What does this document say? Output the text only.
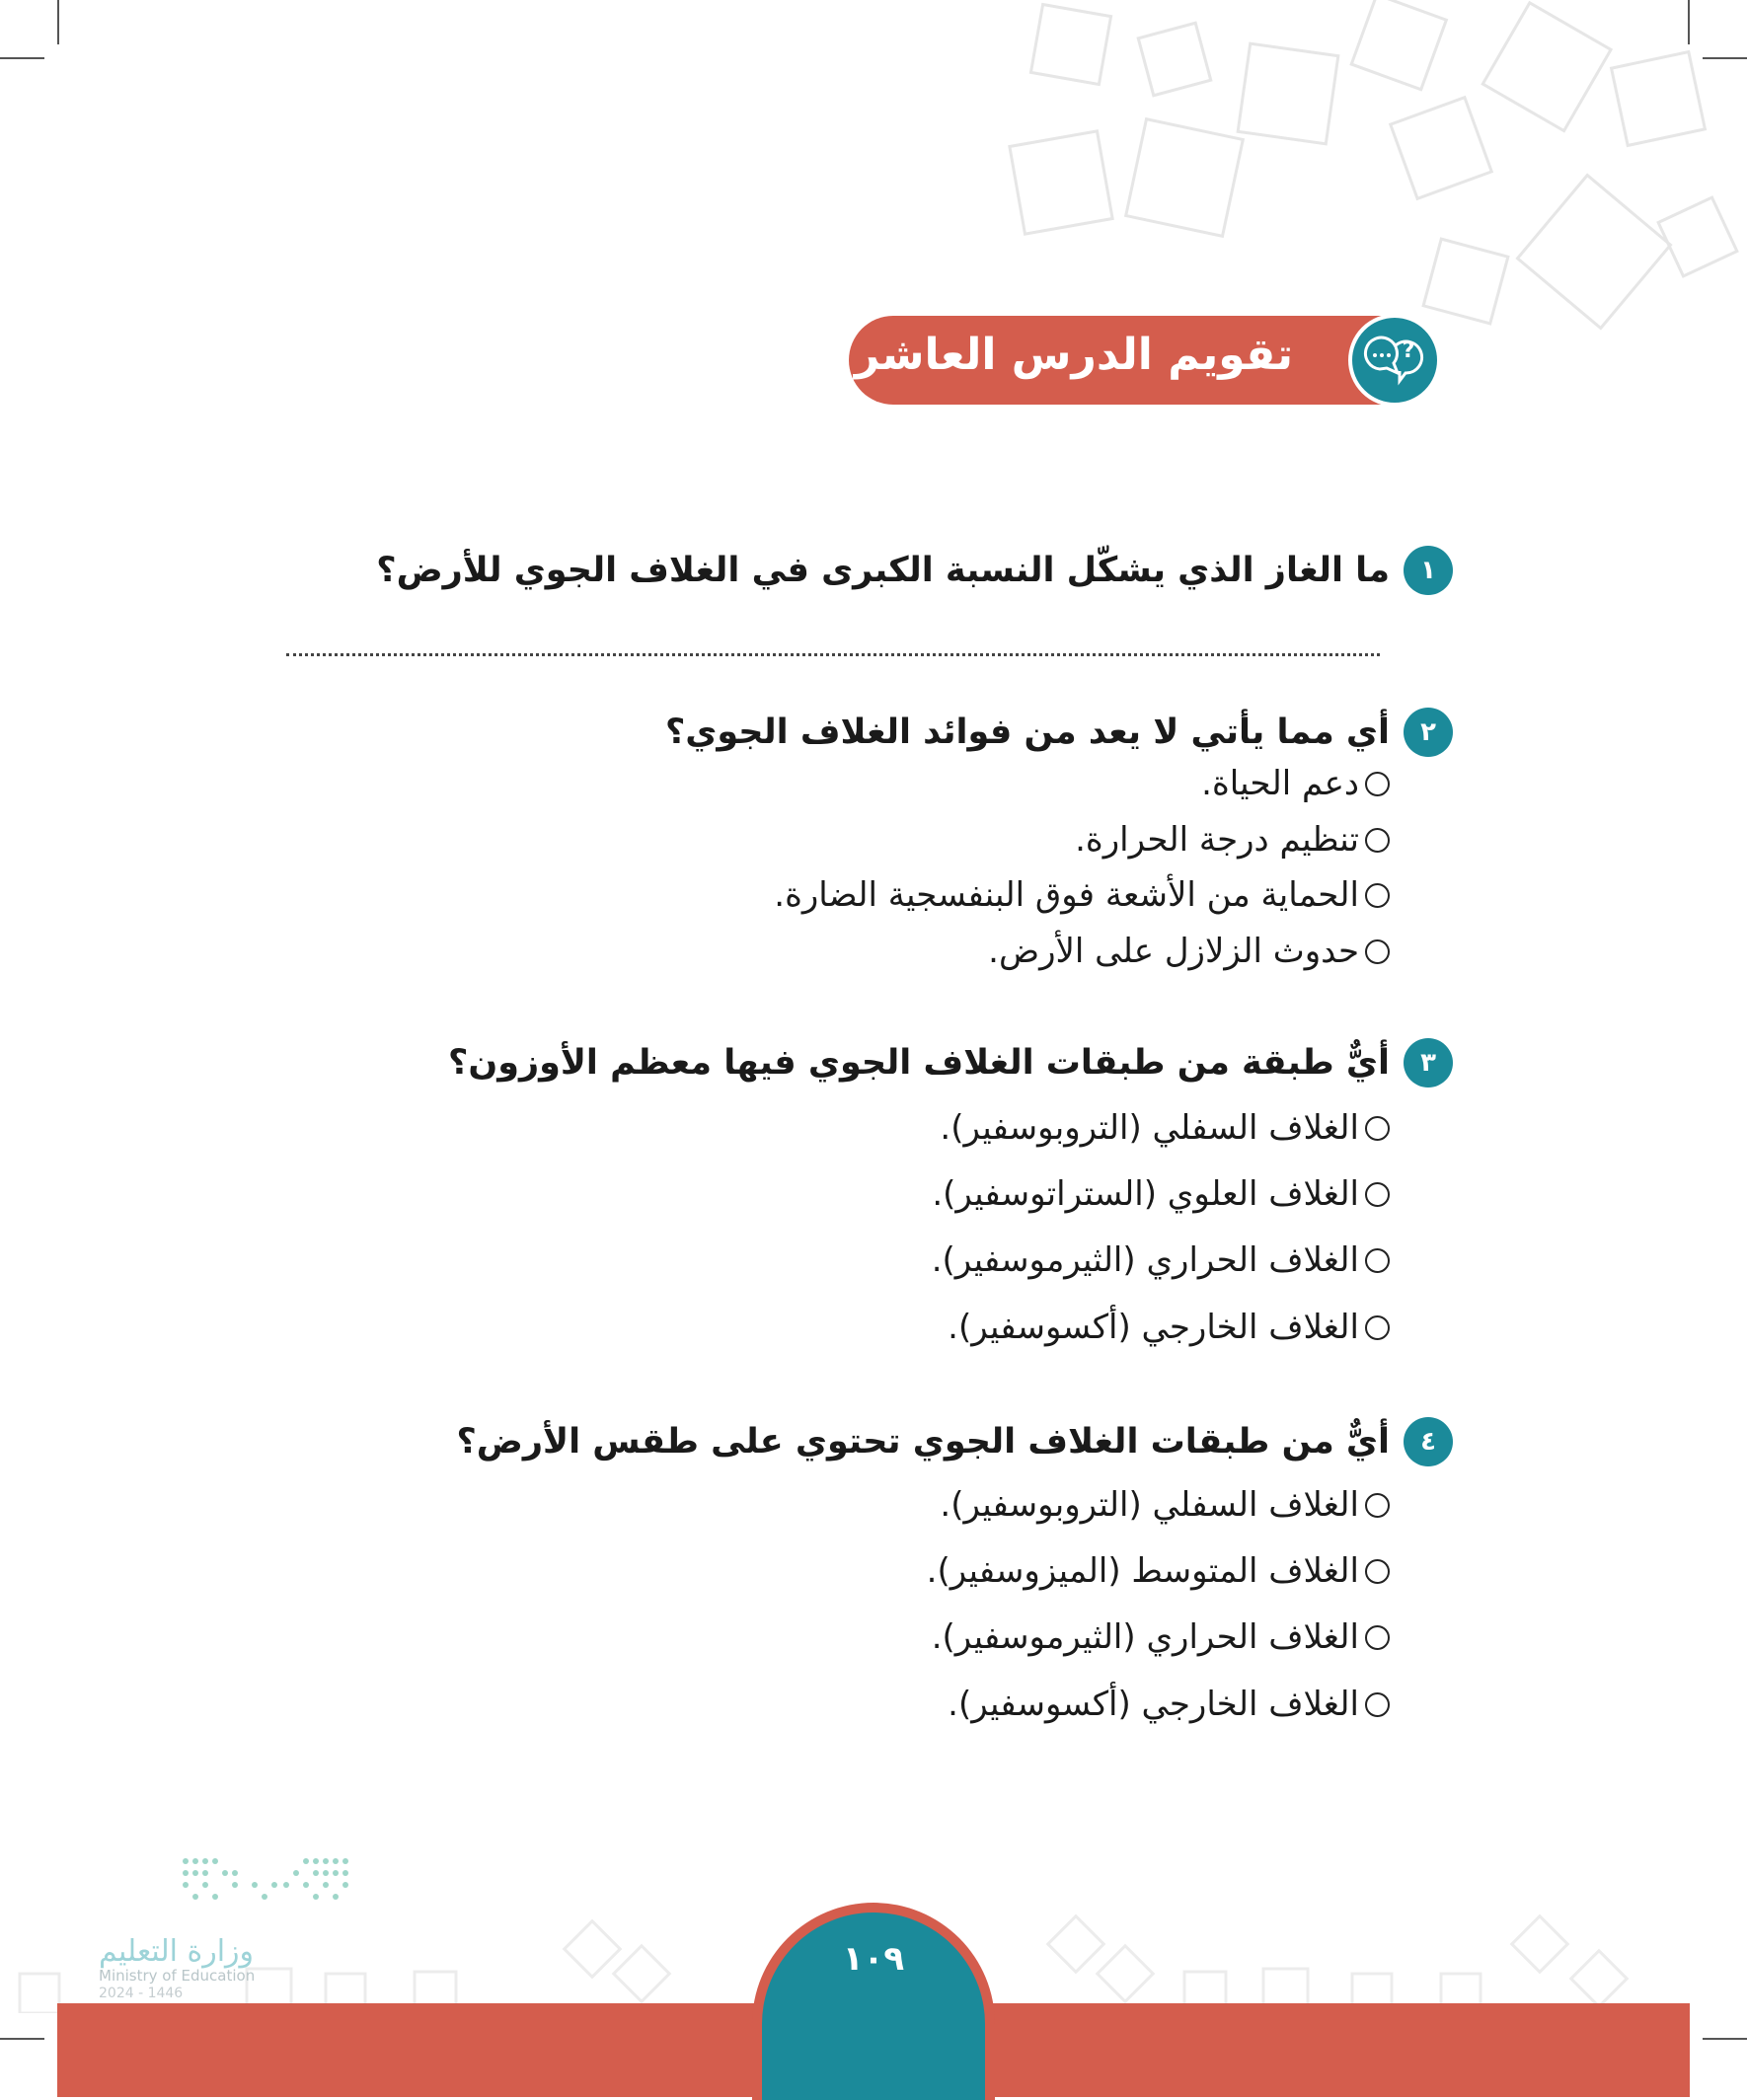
تقويم الدرس العاشر	?
١
ما الغاز الذي يشكّل النسبة الكبرى في الغلاف الجوي للأرض؟
٢
أي مما يأتي لا يعد من فوائد الغلاف الجوي؟
دعم الحياة.
تنظيم درجة الحرارة.
الحماية من الأشعة فوق البنفسجية الضارة.
حدوث الزلازل على الأرض.
٣
أيٌّ طبقة من طبقات الغلاف الجوي فيها معظم الأوزون؟
الغلاف السفلي (التروبوسفير).
الغلاف العلوي (الستراتوسفير).
الغلاف الحراري (الثيرموسفير).
الغلاف الخارجي (أكسوسفير).
٤
أيٌّ من طبقات الغلاف الجوي تحتوي على طقس الأرض؟
الغلاف السفلي (التروبوسفير).
الغلاف المتوسط (الميزوسفير).
الغلاف الحراري (الثيرموسفير).
الغلاف الخارجي (أكسوسفير).
وزارة التعليم
Ministry of Education
2024 - 1446
١٠٩
